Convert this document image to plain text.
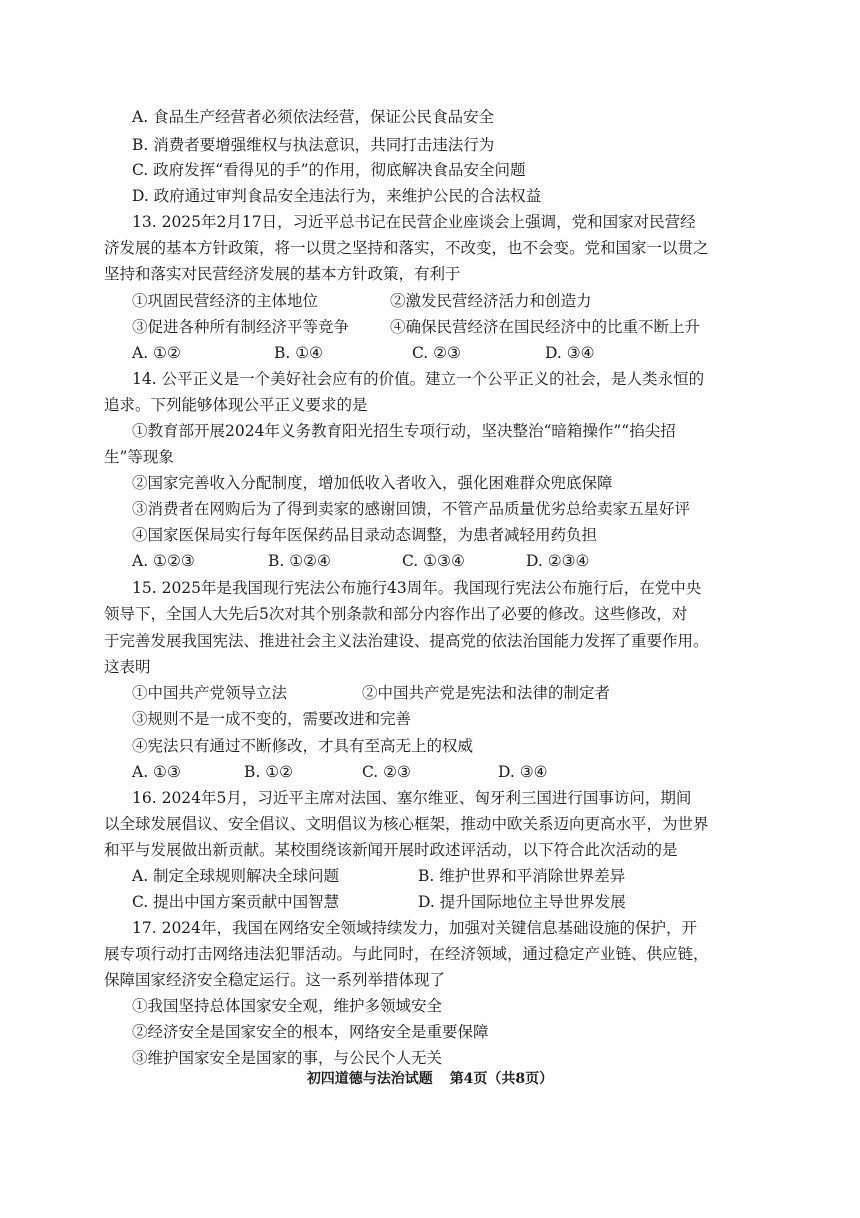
A. 食品生产经营者必须依法经营，保证公民食品安全
B. 消费者要增强维权与执法意识，共同打击违法行为
C. 政府发挥“看得见的手”的作用，彻底解决食品安全问题
D. 政府通过审判食品安全违法行为，来维护公民的合法权益
13. 2025年2月17日，习近平总书记在民营企业座谈会上强调，党和国家对民营经
济发展的基本方针政策，将一以贯之坚持和落实，不改变，也不会变。党和国家一以贯之
坚持和落实对民营经济发展的基本方针政策，有利于
①巩固民营经济的主体地位	②激发民营经济活力和创造力
③促进各种所有制经济平等竞争	④确保民营经济在国民经济中的比重不断上升
A. ①②	B. ①④	C. ②③	D. ③④
14. 公平正义是一个美好社会应有的价值。建立一个公平正义的社会，是人类永恒的
追求。下列能够体现公平正义要求的是
①教育部开展2024年义务教育阳光招生专项行动，坚决整治“暗箱操作”“掐尖招
生”等现象
②国家完善收入分配制度，增加低收入者收入，强化困难群众兜底保障
③消费者在网购后为了得到卖家的感谢回馈，不管产品质量优劣总给卖家五星好评
④国家医保局实行每年医保药品目录动态调整，为患者减轻用药负担
A. ①②③	B. ①②④	C. ①③④	D. ②③④
15. 2025年是我国现行宪法公布施行43周年。我国现行宪法公布施行后，在党中央
领导下，全国人大先后5次对其个别条款和部分内容作出了必要的修改。这些修改，对
于完善发展我国宪法、推进社会主义法治建设、提高党的依法治国能力发挥了重要作用。
这表明
①中国共产党领导立法	②中国共产党是宪法和法律的制定者
③规则不是一成不变的，需要改进和完善
④宪法只有通过不断修改，才具有至高无上的权威
A. ①③	B. ①②	C. ②③	D. ③④
16. 2024年5月，习近平主席对法国、塞尔维亚、匈牙利三国进行国事访问，期间
以全球发展倡议、安全倡议、文明倡议为核心框架，推动中欧关系迈向更高水平，为世界
和平与发展做出新贡献。某校围绕该新闻开展时政述评活动，以下符合此次活动的是
A. 制定全球规则解决全球问题	B. 维护世界和平消除世界差异
C. 提出中国方案贡献中国智慧	D. 提升国际地位主导世界发展
17. 2024年，我国在网络安全领域持续发力，加强对关键信息基础设施的保护，开
展专项行动打击网络违法犯罪活动。与此同时，在经济领域，通过稳定产业链、供应链，
保障国家经济安全稳定运行。这一系列举措体现了
①我国坚持总体国家安全观，维护多领域安全
②经济安全是国家安全的根本，网络安全是重要保障
③维护国家安全是国家的事，与公民个人无关
初四道德与法治试题 第4页（共8页）
